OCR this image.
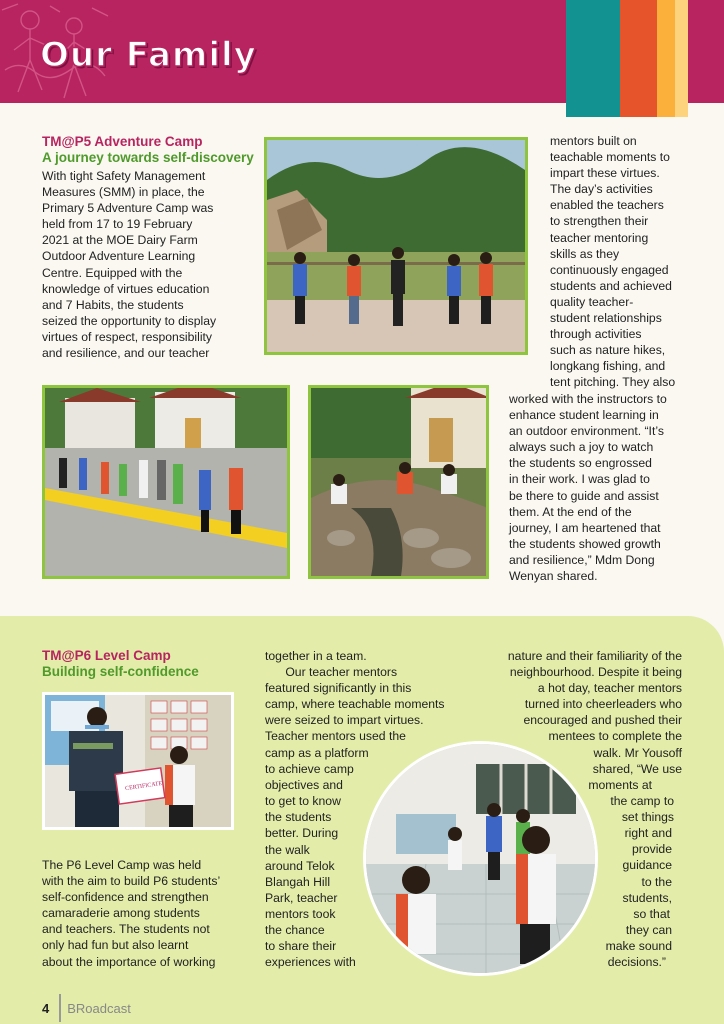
Our Family
TM@P5 Adventure Camp
A journey towards self-discovery

With tight Safety Management

Measures (SMM) in place, the

Primary 5 Adventure Camp was

held from 17 to 19 February

2021 at the MOE Dairy Farm

Outdoor Adventure Learning

Centre. Equipped with the

knowledge of virtues education

and 7 Habits, the students

seized the opportunity to display

virtues of respect, responsibility

and resilience, and our teacher

mentors built on

teachable moments to

impart these virtues.

The day’s activities

enabled the teachers

to strengthen their

teacher mentoring

skills as they

continuously engaged

students and achieved

quality teacher-

student relationships

through activities

such as nature hikes,

longkang fishing, and

tent pitching. They also

worked with the instructors to

enhance student learning in

an outdoor environment. “It’s

always such a joy to watch

the students so engrossed

in their work. I was glad to

be there to guide and assist

them. At the end of the

journey, I am heartened that

the students showed growth

and resilience,” Mdm Dong

Wenyan shared.

TM@P6 Level Camp
Building self-confidence
CERTIFICATE

The P6 Level Camp was held

with the aim to build P6 students’

self-confidence and strengthen

camaraderie among students

and teachers. The students not

only had fun but also learnt

about the importance of working

together in a team.

Our teacher mentors

featured significantly in this

camp, where teachable moments

were seized to impart virtues.

Teacher mentors used the

camp as a platform

to achieve camp

objectives and

to get to know

the students

better. During

the walk

around Telok

Blangah Hill

Park, teacher

mentors took

the chance

to share their

experiences with

nature and their familiarity of the

neighbourhood. Despite it being

a hot day, teacher mentors

turned into cheerleaders who

encouraged and pushed their

mentees to complete the

walk. Mr Yousoff

shared, “We use

moments at

the camp to

set things

right and

provide

guidance

to the

students,

so that

they can

make sound

decisions.”

4 BRoadcast
